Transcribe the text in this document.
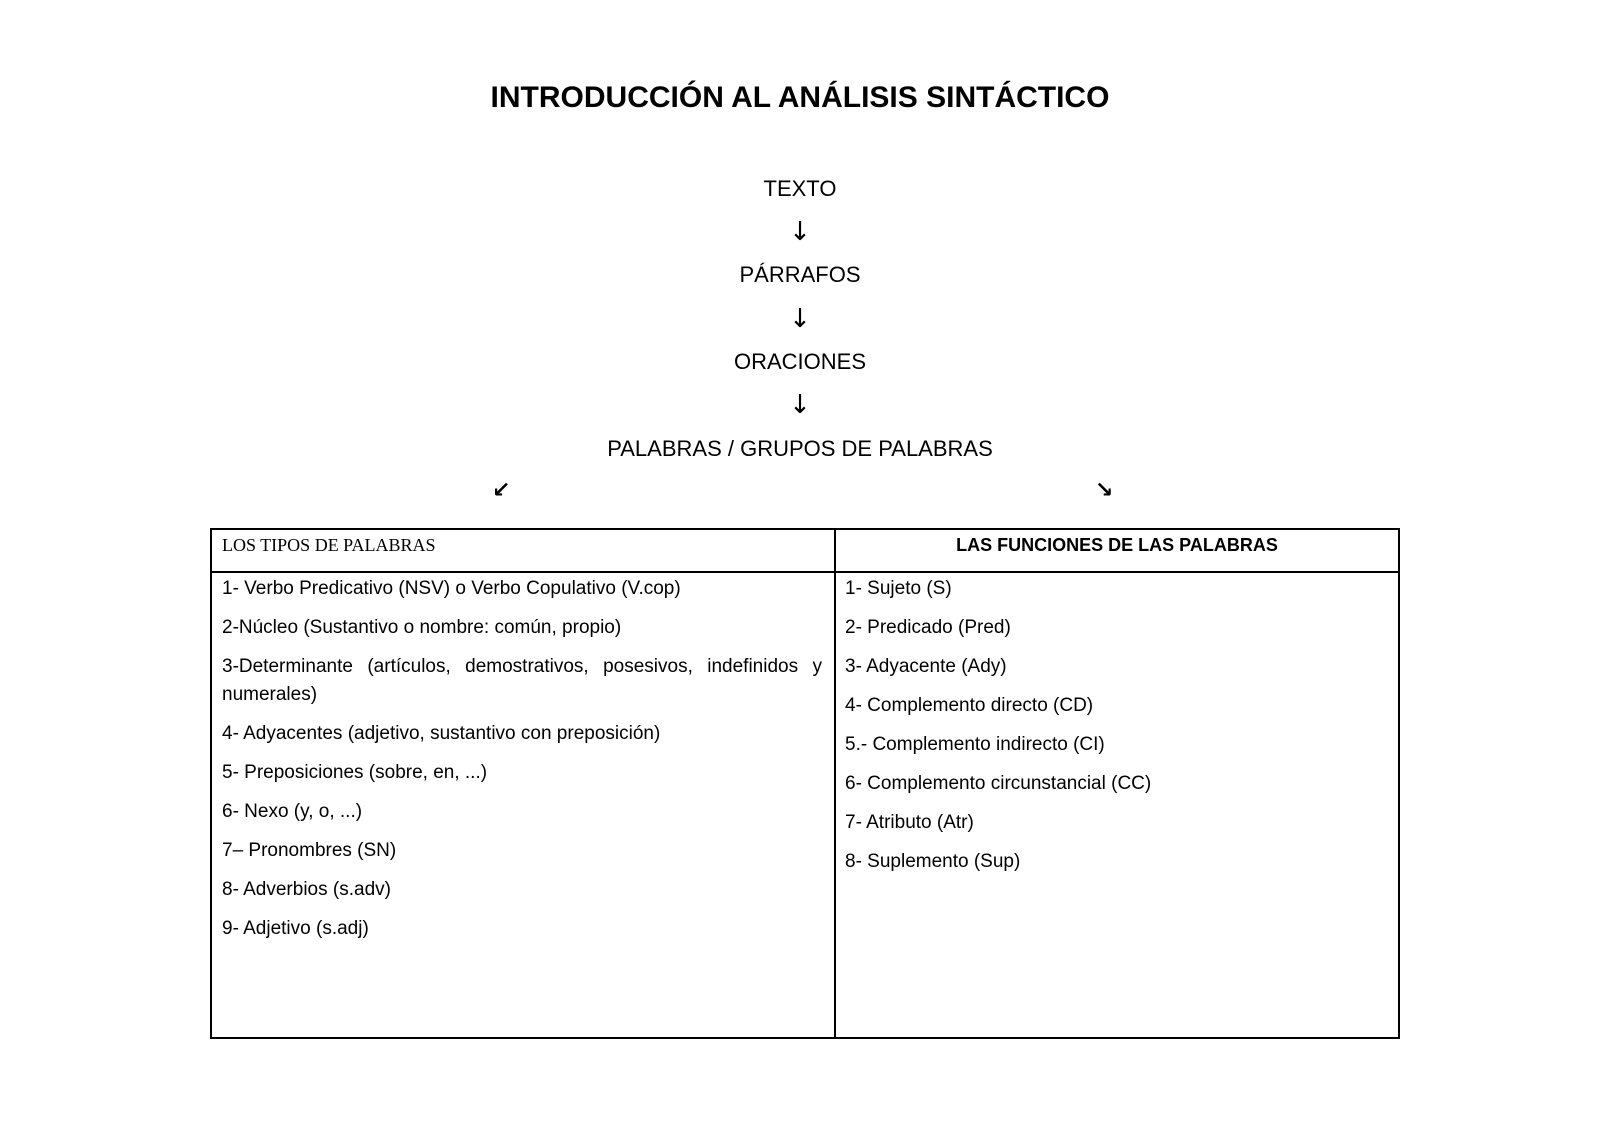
INTRODUCCIÓN AL ANÁLISIS SINTÁCTICO
TEXTO
↓
PÁRRAFOS
↓
ORACIONES
↓
PALABRAS / GRUPOS DE PALABRAS
↙	↘
LOS TIPOS DE PALABRAS	LAS FUNCIONES DE LAS PALABRAS
1- Verbo Predicativo (NSV) o Verbo Copulativo (V.cop)
2-Núcleo (Sustantivo o nombre: común, propio)
3-Determinante (artículos, demostrativos, posesivos, indefinidos y numerales)
4- Adyacentes (adjetivo, sustantivo con preposición)
5- Preposiciones (sobre, en, ...)
6- Nexo (y, o, ...)
7– Pronombres (SN)
8- Adverbios (s.adv)
9- Adjetivo (s.adj)
1- Sujeto (S)
2- Predicado (Pred)
3- Adyacente (Ady)
4- Complemento directo (CD)
5.- Complemento indirecto (CI)
6- Complemento circunstancial (CC)
7- Atributo (Atr)
8- Suplemento (Sup)
